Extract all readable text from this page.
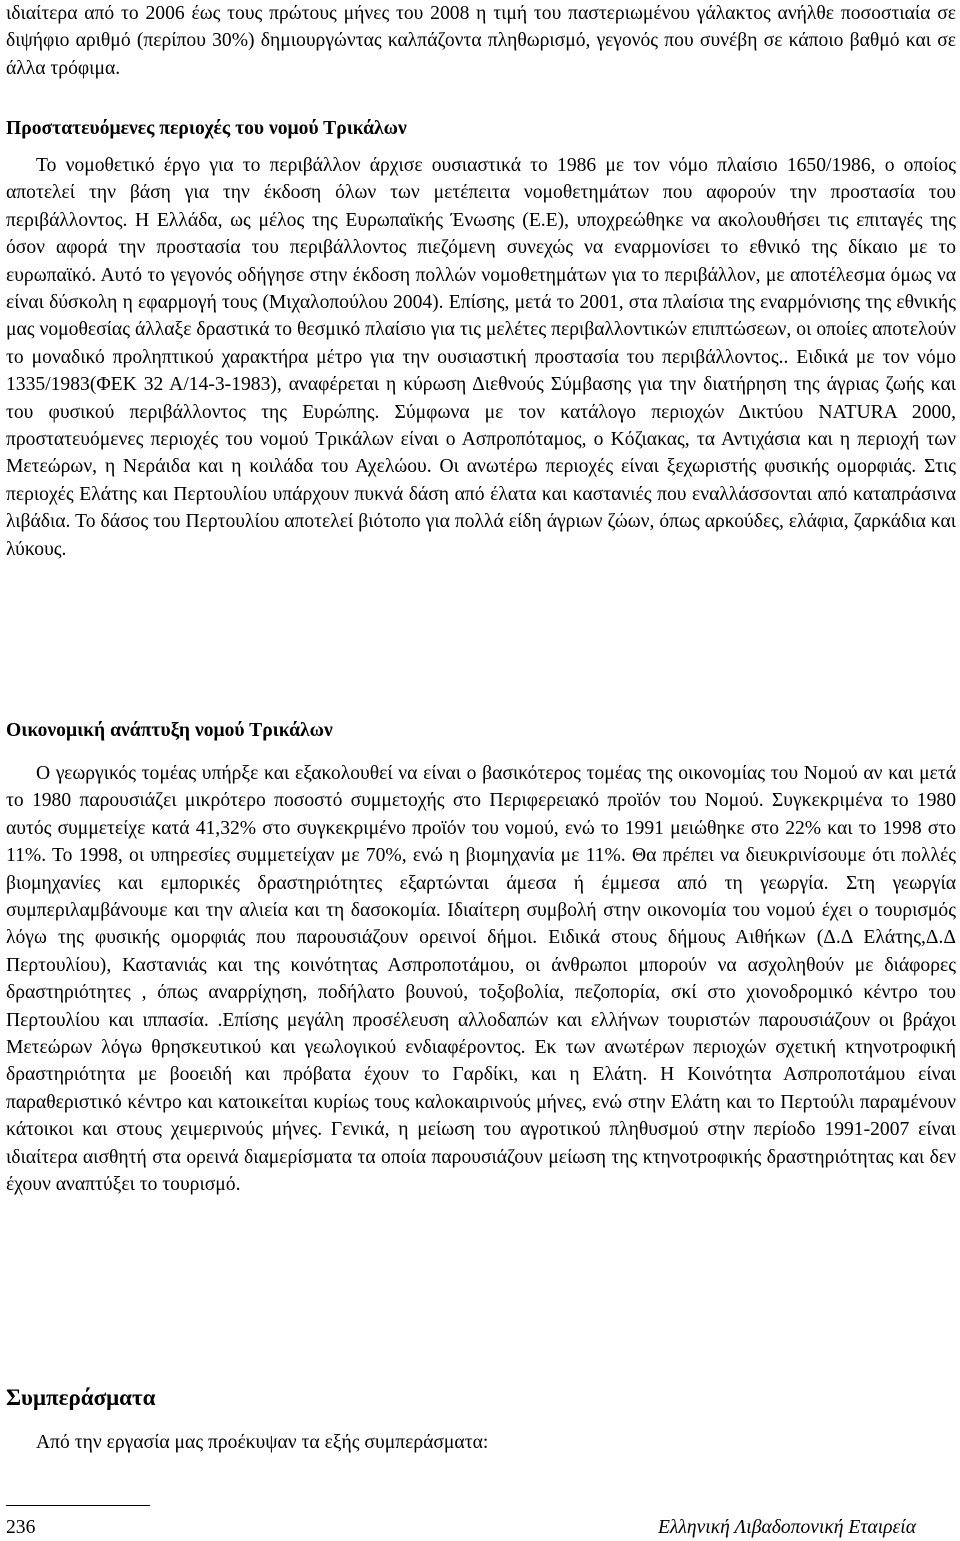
ιδιαίτερα από το 2006 έως τους πρώτους μήνες του 2008 η τιμή του παστεριωμένου γάλακτος ανήλθε ποσοστιαία σε διψήφιο αριθμό (περίπου 30%) δημιουργώντας καλπάζοντα πληθωρισμό, γεγονός που συνέβη σε κάποιο βαθμό και σε άλλα τρόφιμα.

Προστατευόμενες περιοχές του νομού Τρικάλων

Το νομοθετικό έργο για το περιβάλλον άρχισε ουσιαστικά το 1986 με τον νόμο πλαίσιο 1650/1986, ο οποίος αποτελεί την βάση για την έκδοση όλων των μετέπειτα νομοθετημάτων που αφορούν την προστασία του περιβάλλοντος. Η Ελλάδα, ως μέλος της Ευρωπαϊκής Ένωσης (Ε.Ε), υποχρεώθηκε να ακολουθήσει τις επιταγές της όσον αφορά την προστασία του περιβάλλοντος πιεζόμενη συνεχώς να εναρμονίσει το εθνικό της δίκαιο με το ευρωπαϊκό. Αυτό το γεγονός οδήγησε στην έκδοση πολλών νομοθετημάτων για το περιβάλλον, με αποτέλεσμα όμως να είναι δύσκολη η εφαρμογή τους (Μιχαλοπούλου 2004). Επίσης, μετά το 2001, στα πλαίσια της εναρμόνισης της εθνικής μας νομοθεσίας άλλαξε δραστικά το θεσμικό πλαίσιο για τις μελέτες περιβαλλοντικών επιπτώσεων, οι οποίες αποτελούν το μοναδικό προληπτικού χαρακτήρα μέτρο για την ουσιαστική προστασία του περιβάλλοντος.. Ειδικά με τον νόμο 1335/1983(ΦΕΚ 32 Α/14-3-1983), αναφέρεται η κύρωση Διεθνούς Σύμβασης για την διατήρηση της άγριας ζωής και του φυσικού περιβάλλοντος της Ευρώπης. Σύμφωνα με τον κατάλογο περιοχών Δικτύου NATURA 2000, προστατευόμενες περιοχές του νομού Τρικάλων είναι ο Ασπροπόταμος, ο Κόζιακας, τα Αντιχάσια και η περιοχή των Μετεώρων, η Νεράιδα και η κοιλάδα του Αχελώου. Οι ανωτέρω περιοχές είναι ξεχωριστής φυσικής ομορφιάς. Στις περιοχές Ελάτης και Περτουλίου υπάρχουν πυκνά δάση από έλατα και καστανιές που εναλλάσσονται από καταπράσινα λιβάδια. Το δάσος του Περτουλίου αποτελεί βιότοπο για πολλά είδη άγριων ζώων, όπως αρκούδες, ελάφια, ζαρκάδια και λύκους.

Οικονομική ανάπτυξη νομού Τρικάλων

Ο γεωργικός τομέας υπήρξε και εξακολουθεί να είναι ο βασικότερος τομέας της οικονομίας του Νομού αν και μετά το 1980 παρουσιάζει μικρότερο ποσοστό συμμετοχής στο Περιφερειακό προϊόν του Νομού. Συγκεκριμένα το 1980 αυτός συμμετείχε κατά 41,32% στο συγκεκριμένο προϊόν του νομού, ενώ το 1991 μειώθηκε στο 22% και το 1998 στο 11%. Το 1998, οι υπηρεσίες συμμετείχαν με 70%, ενώ η βιομηχανία με 11%. Θα πρέπει να διευκρινίσουμε ότι πολλές βιομηχανίες και εμπορικές δραστηριότητες εξαρτώνται άμεσα ή έμμεσα από τη γεωργία. Στη γεωργία συμπεριλαμβάνουμε και την αλιεία και τη δασοκομία. Ιδιαίτερη συμβολή στην οικονομία του νομού έχει ο τουρισμός λόγω της φυσικής ομορφιάς που παρουσιάζουν ορεινοί δήμοι. Ειδικά στους δήμους Αιθήκων (Δ.Δ Ελάτης,Δ.Δ Περτουλίου), Καστανιάς και της κοινότητας Ασπροποτάμου, οι άνθρωποι μπορούν να ασχοληθούν με διάφορες δραστηριότητες , όπως αναρρίχηση, ποδήλατο βουνού, τοξοβολία, πεζοπορία, σκί στο χιονοδρομικό κέντρο του Περτουλίου και ιππασία. .Επίσης μεγάλη προσέλευση αλλοδαπών και ελλήνων τουριστών παρουσιάζουν οι βράχοι Μετεώρων λόγω θρησκευτικού και γεωλογικού ενδιαφέροντος. Εκ των ανωτέρων περιοχών σχετική κτηνοτροφική δραστηριότητα με βοοειδή και πρόβατα έχουν το Γαρδίκι, και η Ελάτη. Η Κοινότητα Ασπροποτάμου είναι παραθεριστικό κέντρο και κατοικείται κυρίως τους καλοκαιρινούς μήνες, ενώ στην Ελάτη και το Περτούλι παραμένουν κάτοικοι και στους χειμερινούς μήνες. Γενικά, η μείωση του αγροτικού πληθυσμού στην περίοδο 1991-2007 είναι ιδιαίτερα αισθητή στα ορεινά διαμερίσματα τα οποία παρουσιάζουν μείωση της κτηνοτροφικής δραστηριότητας και δεν έχουν αναπτύξει το τουρισμό.

Συμπεράσματα

Από την εργασία μας προέκυψαν τα εξής συμπεράσματα:

236	Ελληνική Λιβαδοπονική Εταιρεία
